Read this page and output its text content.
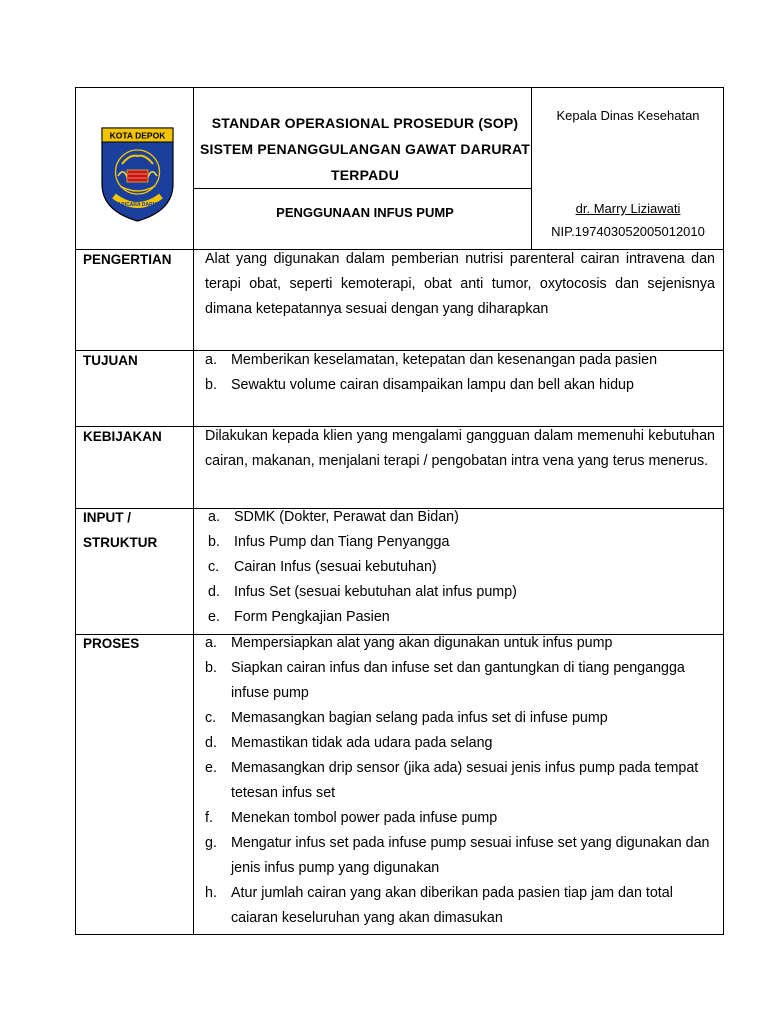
KOTA DEPOK
PARICARA DARMA
STANDAR OPERASIONAL PROSEDUR (SOP) SISTEM PENANGGULANGAN GAWAT DARURAT TERPADU
PENGGUNAAN INFUS PUMP
Kepala Dinas Kesehatan
dr. Marry Liziawati
NIP.197403052005012010
PENGERTIAN Alat yang digunakan dalam pemberian nutrisi parenteral cairan intravena dan terapi obat, seperti kemoterapi, obat anti tumor, oxytocosis dan sejenisnya dimana ketepatannya sesuai dengan yang diharapkan
TUJUAN	a. Memberikan keselamatan, ketepatan dan kesenangan pada pasien
b. Sewaktu volume cairan disampaikan lampu dan bell akan hidup
KEBIJAKAN	Dilakukan kepada klien yang mengalami gangguan dalam memenuhi kebutuhan cairan, makanan, menjalani terapi / pengobatan intra vena yang terus menerus.
INPUT /
STRUKTUR
a. SDMK (Dokter, Perawat dan Bidan)
b. Infus Pump dan Tiang Penyangga
c. Cairan Infus (sesuai kebutuhan)
d. Infus Set (sesuai kebutuhan alat infus pump)
e. Form Pengkajian Pasien
PROSES	a. Mempersiapkan alat yang akan digunakan untuk infus pump
b. Siapkan cairan infus dan infuse set dan gantungkan di tiang pengangga infuse pump
c. Memasangkan bagian selang pada infus set di infuse pump
d. Memastikan tidak ada udara pada selang
e. Memasangkan drip sensor (jika ada) sesuai jenis infus pump pada tempat tetesan infus set
f. Menekan tombol power pada infuse pump
g. Mengatur infus set pada infuse pump sesuai infuse set yang digunakan dan jenis infus pump yang digunakan
h. Atur jumlah cairan yang akan diberikan pada pasien tiap jam dan total caiaran keseluruhan yang akan dimasukan
